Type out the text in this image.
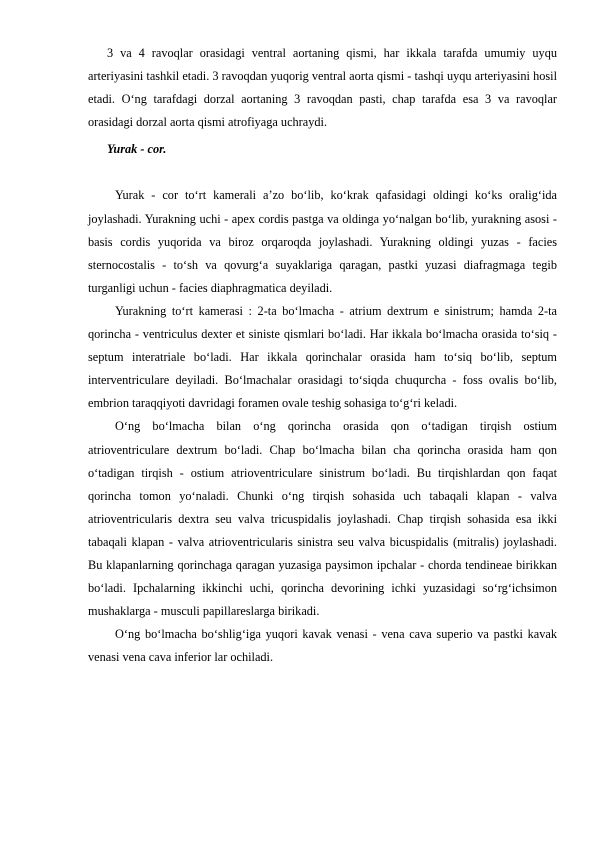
3 va 4 ravoqlar orasidagi ventral aortaning qismi, har ikkala tarafda umumiy uyqu arteriyasini tashkil etadi. 3 ravoqdan yuqorig ventral aorta qismi - tashqi uyqu arteriyasini hosil etadi. O‘ng tarafdagi dorzal aortaning 3 ravoqdan pasti, chap tarafda esa 3 va ravoqlar orasidagi dorzal aorta qismi atrofiyaga uchraydi.

Yurak - cor.

Yurak - cor to‘rt kamerali a’zo bo‘lib, ko‘krak qafasidagi oldingi ko‘ks oralig‘ida joylashadi. Yurakning uchi - apex cordis pastga va oldinga yo‘nalgan bo‘lib, yurakning asosi - basis cordis yuqorida va biroz orqaroqda joylashadi. Yurakning oldingi yuzas - facies sternocostalis - to‘sh va qovurg‘a suyaklariga qaragan, pastki yuzasi diafragmaga tegib turganligi uchun - facies diaphragmatica deyiladi.

Yurakning to‘rt kamerasi : 2-ta bo‘lmacha - atrium dextrum e sinistrum; hamda 2-ta qorincha - ventriculus dexter et siniste qismlari bo‘ladi. Har ikkala bo‘lmacha orasida to‘siq - septum interatriale bo‘ladi. Har ikkala qorinchalar orasida ham to‘siq bo‘lib, septum interventriculare deyiladi. Bo‘lmachalar orasidagi to‘siqda chuqurcha - foss ovalis bo‘lib, embrion taraqqiyoti davridagi foramen ovale teshig sohasiga to‘g‘ri keladi.

O‘ng bo‘lmacha bilan o‘ng qorincha orasida qon o‘tadigan tirqish ostium atrioventriculare dextrum bo‘ladi. Chap bo‘lmacha bilan cha qorincha orasida ham qon o‘tadigan tirqish - ostium atrioventriculare sinistrum bo‘ladi. Bu tirqishlardan qon faqat qorincha tomon yo‘naladi. Chunki o‘ng tirqish sohasida uch tabaqali klapan - valva atrioventricularis dextra seu valva tricuspidalis joylashadi. Chap tirqish sohasida esa ikki tabaqali klapan - valva atrioventricularis sinistra seu valva bicuspidalis (mitralis) joylashadi. Bu klapanlarning qorinchaga qaragan yuzasiga paysimon ipchalar - chorda tendineae birikkan bo‘ladi. Ipchalarning ikkinchi uchi, qorincha devorining ichki yuzasidagi so‘rg‘ichsimon mushaklarga - musculi papillareslarga birikadi.

O‘ng bo‘lmacha bo‘shlig‘iga yuqori kavak venasi - vena cava superio va pastki kavak venasi vena cava inferior lar ochiladi.
